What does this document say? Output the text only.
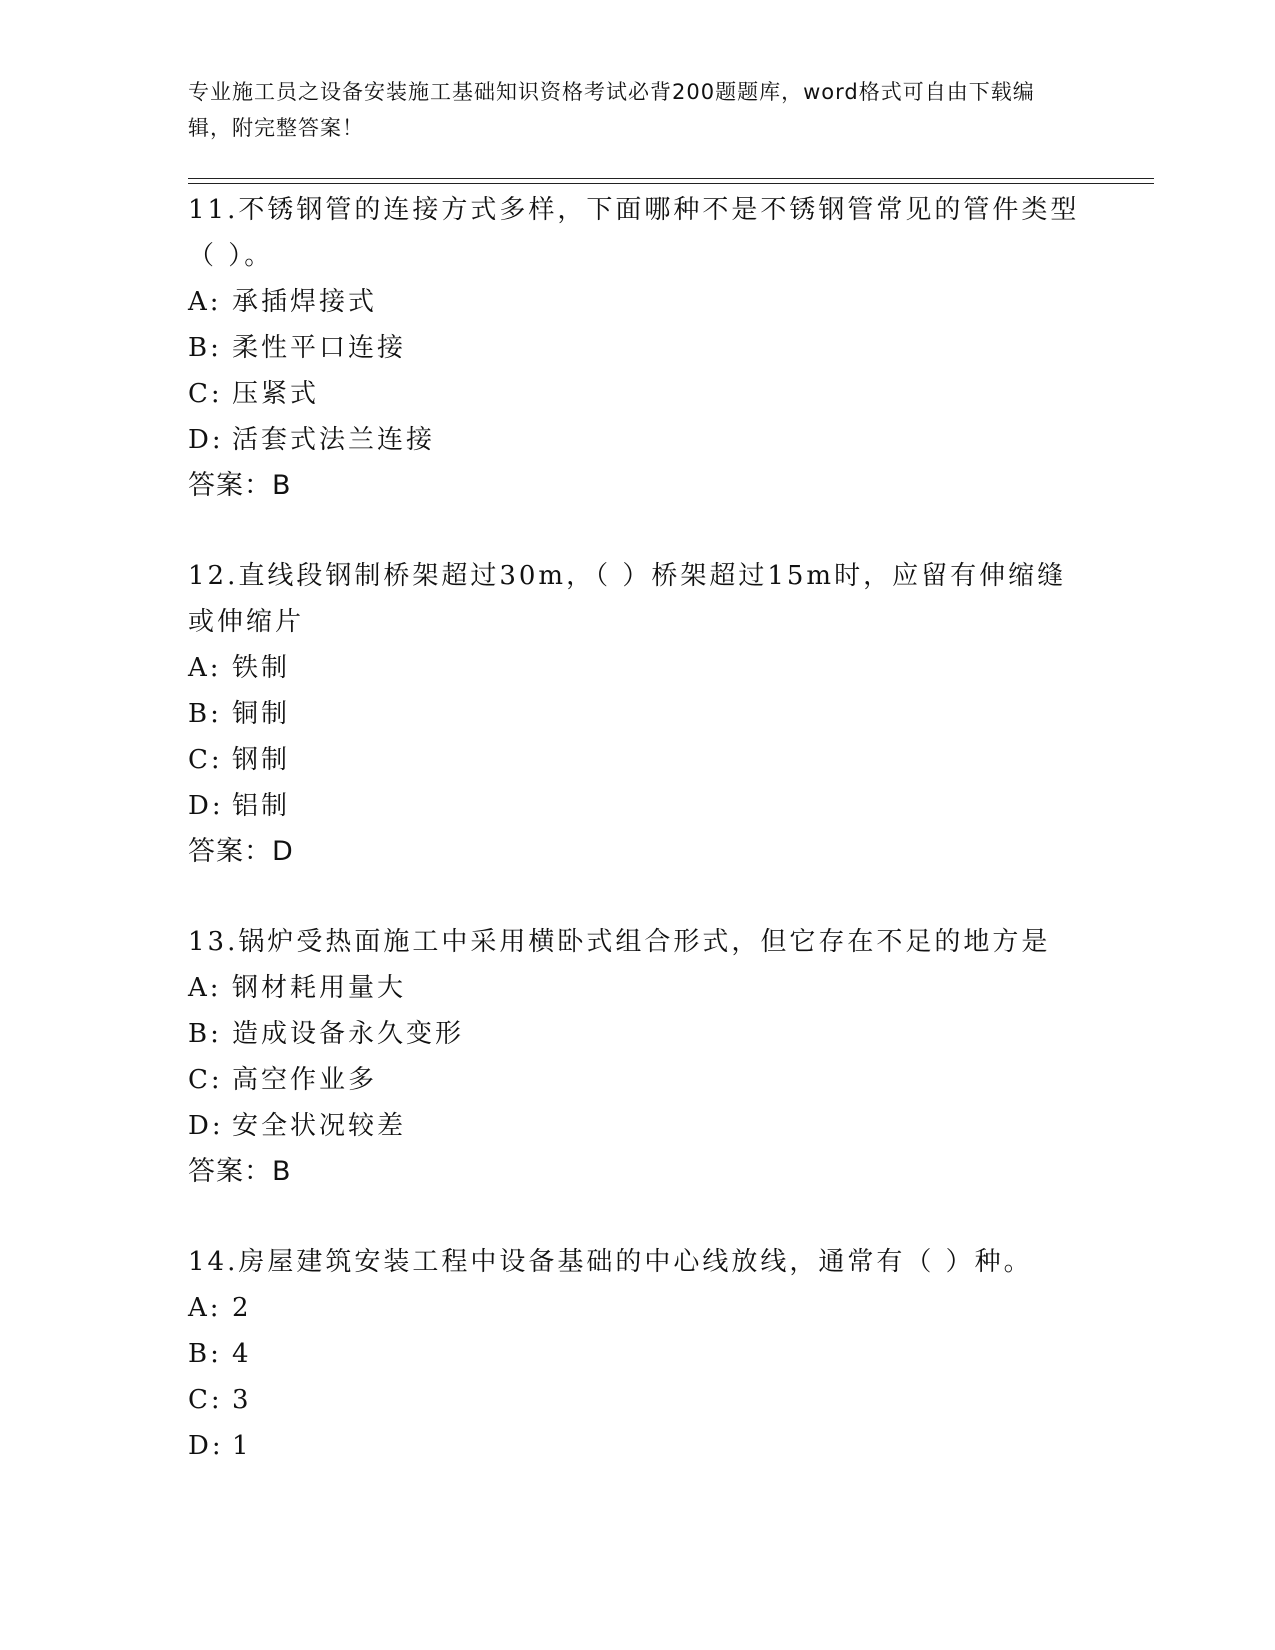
专业施工员之设备安装施工基础知识资格考试必背200题题库，word格式可自由下载编辑，附完整答案！

11.不锈钢管的连接方式多样，下面哪种不是不锈钢管常见的管件类型（ ）。

A: 承插焊接式
B: 柔性平口连接
C: 压紧式
D: 活套式法兰连接
答案：B

12.直线段钢制桥架超过30m，（ ）桥架超过15m时，应留有伸缩缝或伸缩片

A: 铁制
B: 铜制
C: 钢制
D: 铝制
答案：D

13.锅炉受热面施工中采用横卧式组合形式，但它存在不足的地方是

A: 钢材耗用量大
B: 造成设备永久变形
C: 高空作业多
D: 安全状况较差
答案：B

14.房屋建筑安装工程中设备基础的中心线放线，通常有（ ）种。

A: 2
B: 4
C: 3
D: 1
